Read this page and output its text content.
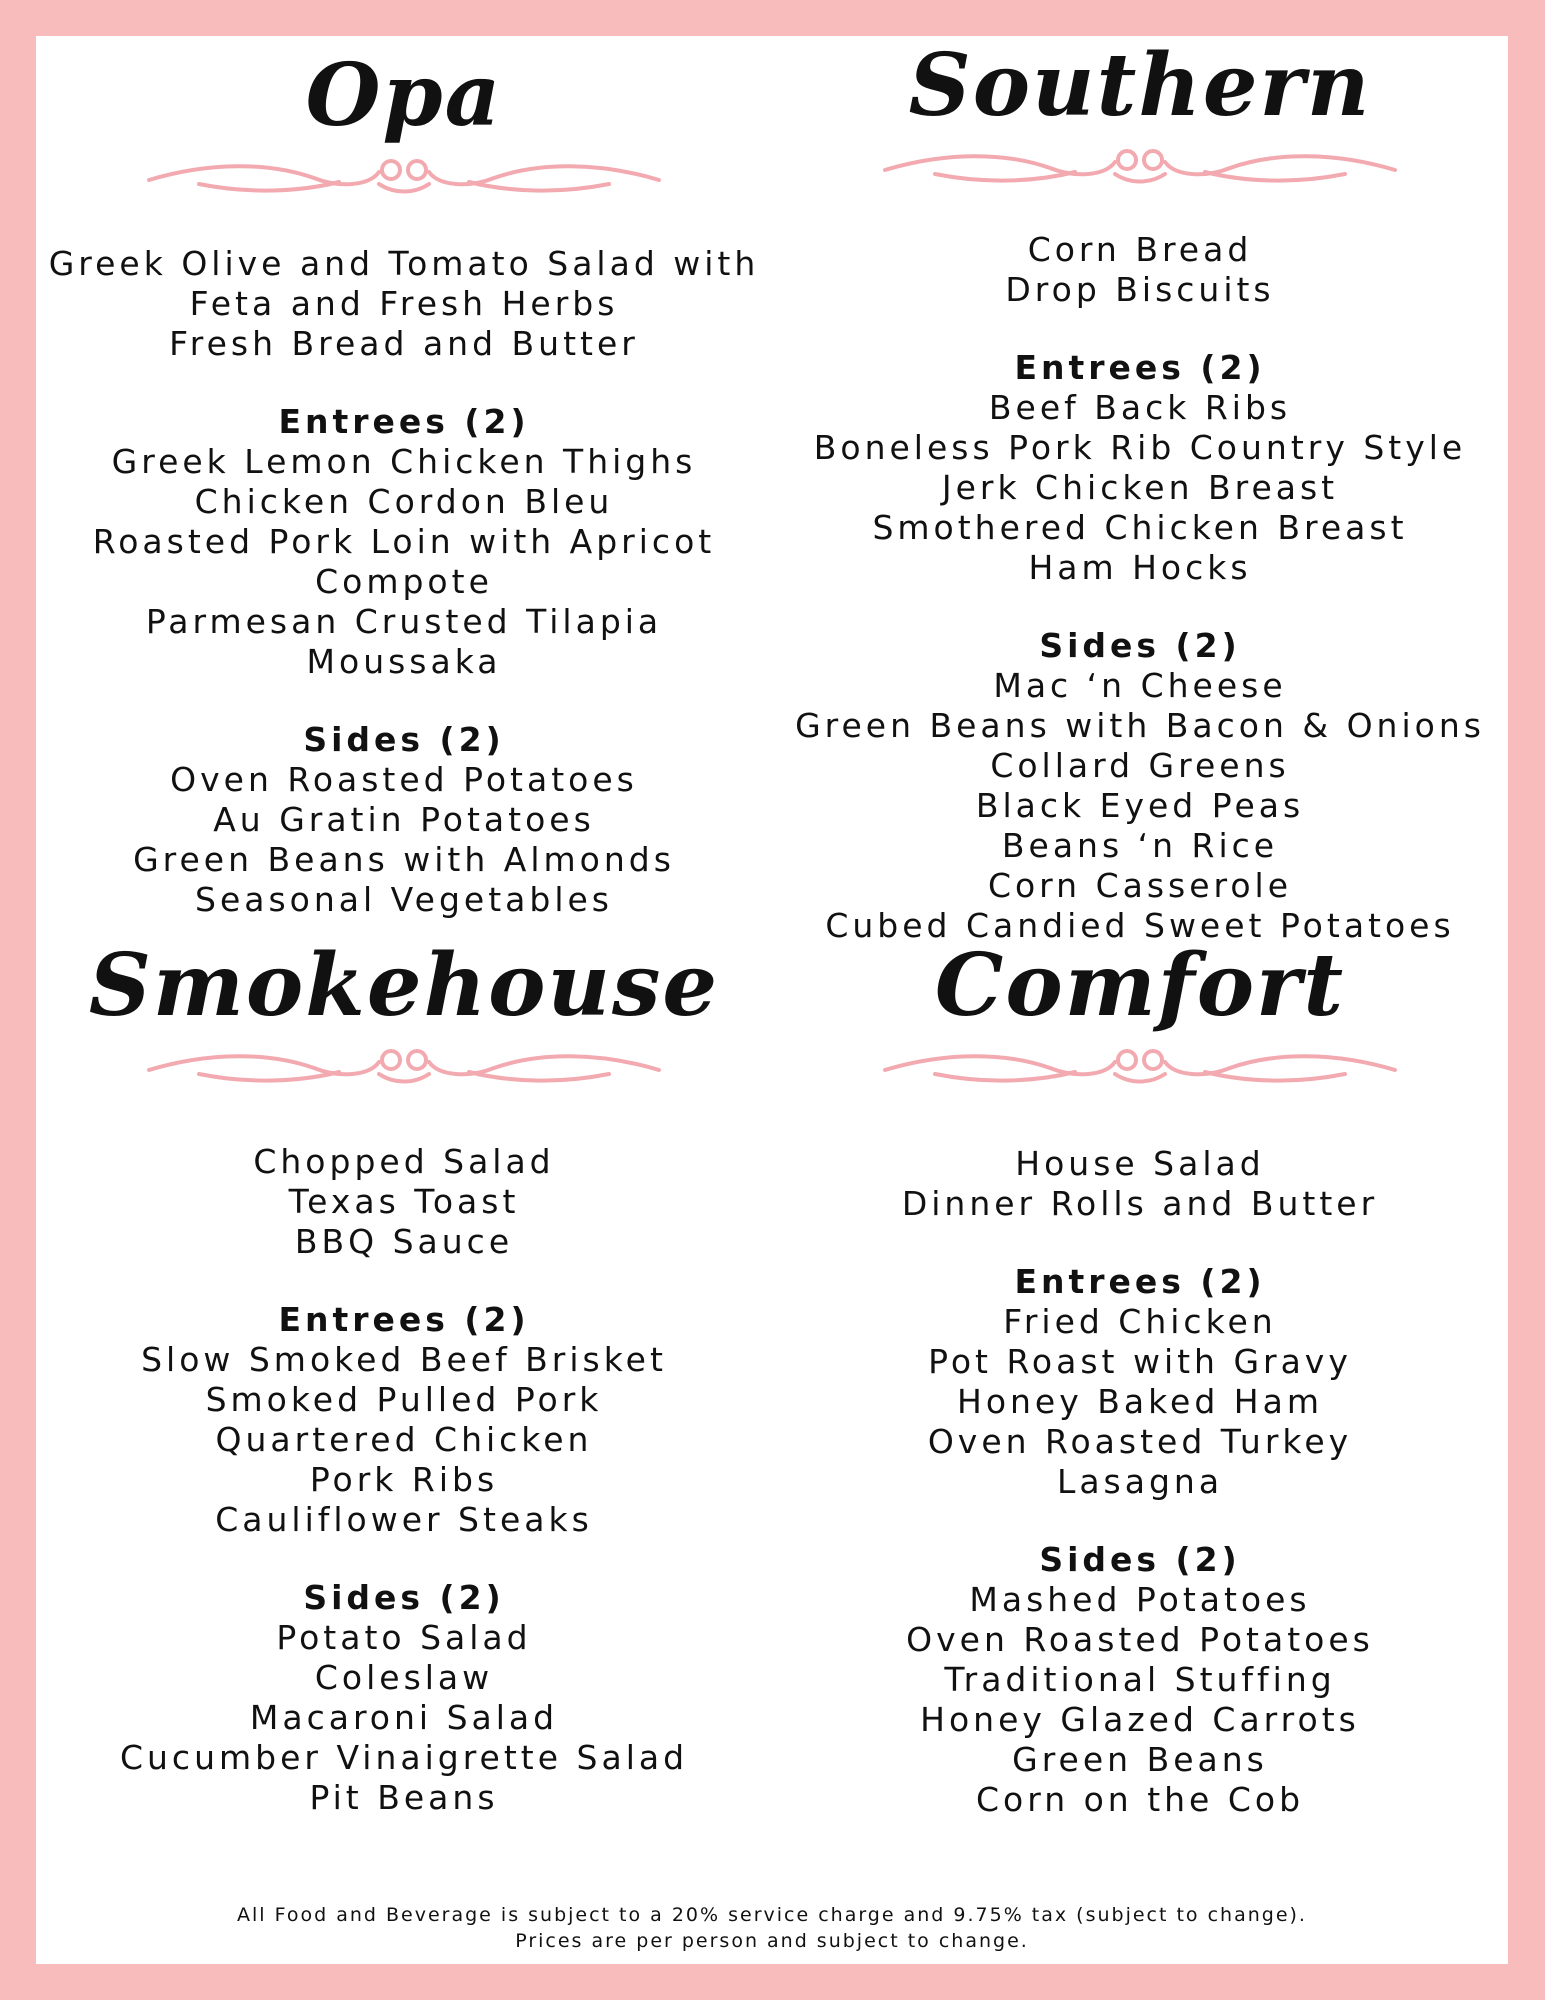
Opa
Greek Olive and Tomato Salad with
Feta and Fresh Herbs
Fresh Bread and Butter
Entrees (2)
Greek Lemon Chicken Thighs
Chicken Cordon Bleu
Roasted Pork Loin with Apricot
Compote
Parmesan Crusted Tilapia
Moussaka
Sides (2)
Oven Roasted Potatoes
Au Gratin Potatoes
Green Beans with Almonds
Seasonal Vegetables
Southern
Corn Bread
Drop Biscuits
Entrees (2)
Beef Back Ribs
Boneless Pork Rib Country Style
Jerk Chicken Breast
Smothered Chicken Breast
Ham Hocks
Sides (2)
Mac ‘n Cheese
Green Beans with Bacon & Onions
Collard Greens
Black Eyed Peas
Beans ‘n Rice
Corn Casserole
Cubed Candied Sweet Potatoes
Smokehouse
Chopped Salad
Texas Toast
BBQ Sauce
Entrees (2)
Slow Smoked Beef Brisket
Smoked Pulled Pork
Quartered Chicken
Pork Ribs
Cauliflower Steaks
Sides (2)
Potato Salad
Coleslaw
Macaroni Salad
Cucumber Vinaigrette Salad
Pit Beans
Comfort
House Salad
Dinner Rolls and Butter
Entrees (2)
Fried Chicken
Pot Roast with Gravy
Honey Baked Ham
Oven Roasted Turkey
Lasagna
Sides (2)
Mashed Potatoes
Oven Roasted Potatoes
Traditional Stuffing
Honey Glazed Carrots
Green Beans
Corn on the Cob
All Food and Beverage is subject to a 20% service charge and 9.75% tax (subject to change).
Prices are per person and subject to change.
